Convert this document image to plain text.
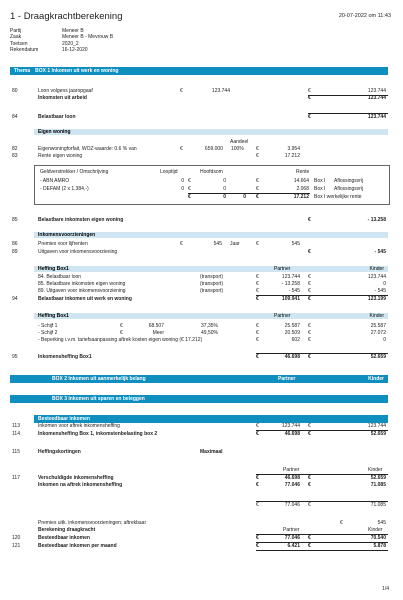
1 - Draagkrachtberekening	20-07-2022 om 11:43
Partij	Meneer B
Zaak	Meneer B - Mevrouw B
Toetsen	2020_2
Rekendatum	16-12-2020
Thema BOX 1 Inkomen uit werk en woning
80	Loon volgens jaaropgaaf	€	123.744	€	123.744
Inkomsten uit arbeid	€	123.744
84	Belastbaar loon	€	123.744
Eigen woning
Aandeel
82	Eigenwoningforfait, WOZ-waarde: 0.6 % van	€	659.000 100% €	3.954
83	Rente eigen woning	€	17.212
Geldverstrekker / Omschrijving	Looptijd	Hoofdsom	Rente
- ABN AMRO	0 €	0	€	14.664 Box I Aflossingsvrij
- DEFAM (2 x 1.384,-)	0 €	0	€	2.068 Box I Aflossingsvrij
€	0	0 €	17.212 Box I werkelijke rente
85	Belastbare inkomsten eigen woning	€	- 13.258
Inkomensvoorzieningen
86	Premies voor lijfrenten	€	545 Jaar	€	545
89	Uitgaven voor inkomensvoorziening	€	- 545
Heffing Box1	Partner	Kinder
84. Belastbaar loon	(transport)	€	123.744 €	123.744
85. Belastbare inkomsten eigen woning	(transport)	€	- 13.258 €	0
89. Uitgaven voor inkomensvoorziening	(transport)	€	- 545 €	- 545
94	Belastbaar inkomen uit werk en woning	€	109.941 €	123.199
Heffing Box1	Partner	Kinder
- Schijf 1	€	68.507	37,35%	€	25.587 €	25.587
- Schijf 2	€	Meer	49,50%	€	20.509 €	27.072
- Beperking i.v.m. tariefsaanpassing aftrek kosten eigen woning (€ 17.212)	€	602 €	0
95	Inkomensheffing Box1	€	46.698 €	52.659
BOX 2 Inkomen uit aanmerkelijk belang	Partner	Kinder
BOX 3 Inkomen uit sparen en beleggen
Besteedbaar inkomen
113	Inkomen voor aftrek inkomensheffing	€	123.744 €	123.744
114	Inkomensheffing Box 1, inkomstenbelasting box 2	€	46.698 €	52.659
115	Heffingskortingen	Maximaal
Partner	Kinder
117	Verschuldigde inkomensheffing	€	46.698 €	52.659
Inkomen na aftrek inkomensheffing	€	77.046 €	71.085
€	77.046 €	71.085
Premies uitk. inkomensvoorzieningen; aftrekbaar	€	545
Berekening draagkracht	Partner	Kinder
120	Besteedbaar inkomen	€	77.046 €	70.540
121	Besteedbaar inkomen per maand	€	6.421 €	5.878
1/4
